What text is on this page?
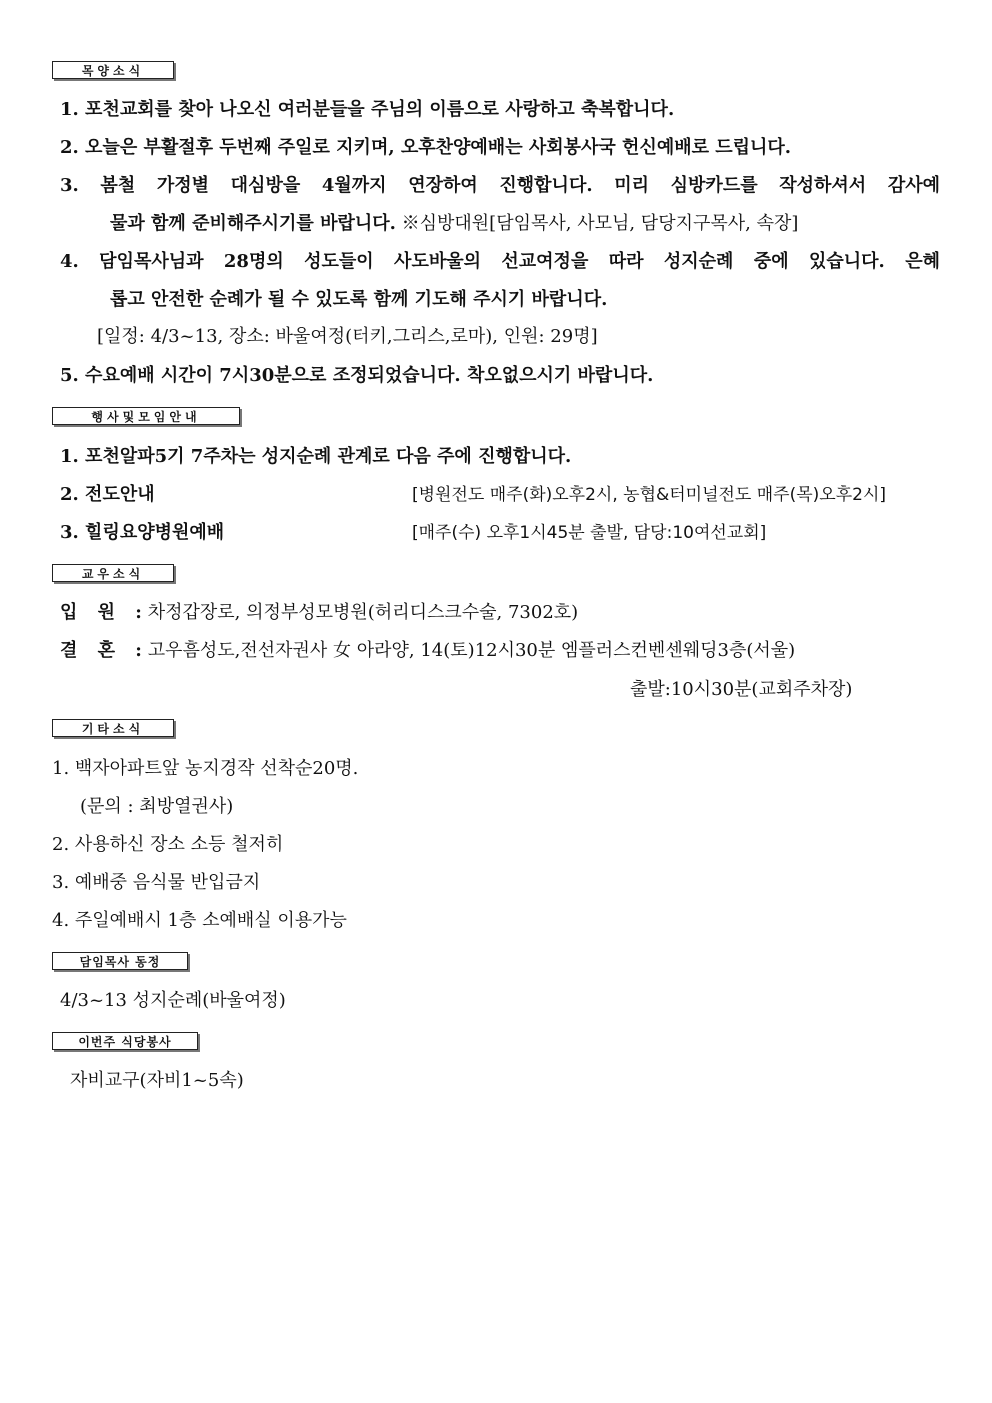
목양소식
1. 포천교회를 찾아 나오신 여러분들을 주님의 이름으로 사랑하고 축복합니다.
2. 오늘은 부활절후 두번째 주일로 지키며, 오후찬양예배는 사회봉사국 헌신예배로 드립니다.
3. 봄철 가정별 대심방을 4월까지 연장하여 진행합니다. 미리 심방카드를 작성하셔서 감사예
물과 함께 준비해주시기를 바랍니다. ※심방대원[담임목사, 사모님, 담당지구목사, 속장]
4. 담임목사님과 28명의 성도들이 사도바울의 선교여정을 따라 성지순례 중에 있습니다. 은혜
롭고 안전한 순례가 될 수 있도록 함께 기도해 주시기 바랍니다.
[일정: 4/3~13, 장소: 바울여정(터키,그리스,로마), 인원: 29명]
5. 수요예배 시간이 7시30분으로 조정되었습니다. 착오없으시기 바랍니다.
행사및모임안내
1. 포천알파5기 7주차는 성지순례 관계로 다음 주에 진행합니다.
2. 전도안내	[병원전도 매주(화)오후2시, 농협&터미널전도 매주(목)오후2시]
3. 힐링요양병원예배	[매주(수) 오후1시45분 출발, 담당:10여선교회]
교우소식
입 원 : 차정갑장로, 의정부성모병원(허리디스크수술, 7302호)
결 혼 : 고우흠성도,전선자권사 女 아라양, 14(토)12시30분 엠플러스컨벤센웨딩3층(서울)
출발:10시30분(교회주차장)
기타소식
1. 백자아파트앞 농지경작 선착순20명.
(문의 : 최방열권사)
2. 사용하신 장소 소등 철저히
3. 예배중 음식물 반입금지
4. 주일예배시 1층 소예배실 이용가능
담임목사 동정
4/3~13 성지순례(바울여정)
이번주 식당봉사
자비교구(자비1~5속)
